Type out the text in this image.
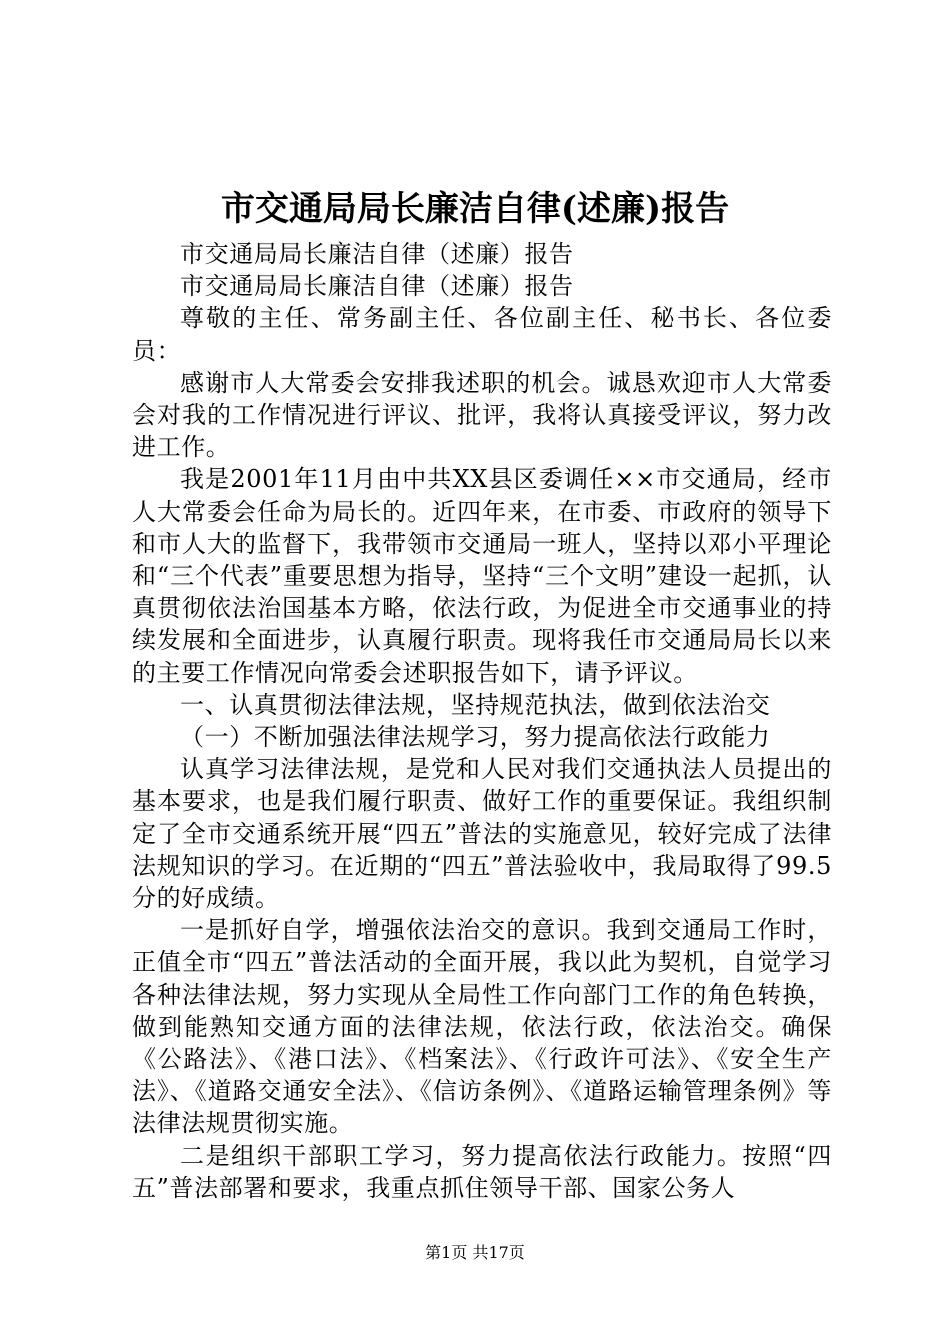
市交通局局长廉洁自律(述廉)报告

市交通局局长廉洁自律（述廉）报告

市交通局局长廉洁自律（述廉）报告

尊敬的主任、常务副主任、各位副主任、秘书长、各位委员：

感谢市人大常委会安排我述职的机会。诚恳欢迎市人大常委会对我的工作情况进行评议、批评，我将认真接受评议，努力改进工作。

我是2001年11月由中共XX县区委调任××市交通局，经市人大常委会任命为局长的。近四年来，在市委、市政府的领导下和市人大的监督下，我带领市交通局一班人，坚持以邓小平理论和“三个代表”重要思想为指导，坚持“三个文明”建设一起抓，认真贯彻依法治国基本方略，依法行政，为促进全市交通事业的持续发展和全面进步，认真履行职责。现将我任市交通局局长以来的主要工作情况向常委会述职报告如下，请予评议。

一、认真贯彻法律法规，坚持规范执法，做到依法治交

（一）不断加强法律法规学习，努力提高依法行政能力

认真学习法律法规，是党和人民对我们交通执法人员提出的基本要求，也是我们履行职责、做好工作的重要保证。我组织制定了全市交通系统开展“四五”普法的实施意见，较好完成了法律法规知识的学习。在近期的“四五”普法验收中，我局取得了99.5分的好成绩。

一是抓好自学，增强依法治交的意识。我到交通局工作时，正值全市“四五”普法活动的全面开展，我以此为契机，自觉学习各种法律法规，努力实现从全局性工作向部门工作的角色转换，做到能熟知交通方面的法律法规，依法行政，依法治交。确保《公路法》、《港口法》、《档案法》、《行政许可法》、《安全生产法》、《道路交通安全法》、《信访条例》、《道路运输管理条例》等法律法规贯彻实施。

二是组织干部职工学习，努力提高依法行政能力。按照“四五”普法部署和要求，我重点抓住领导干部、国家公务人

第1页 共17页
